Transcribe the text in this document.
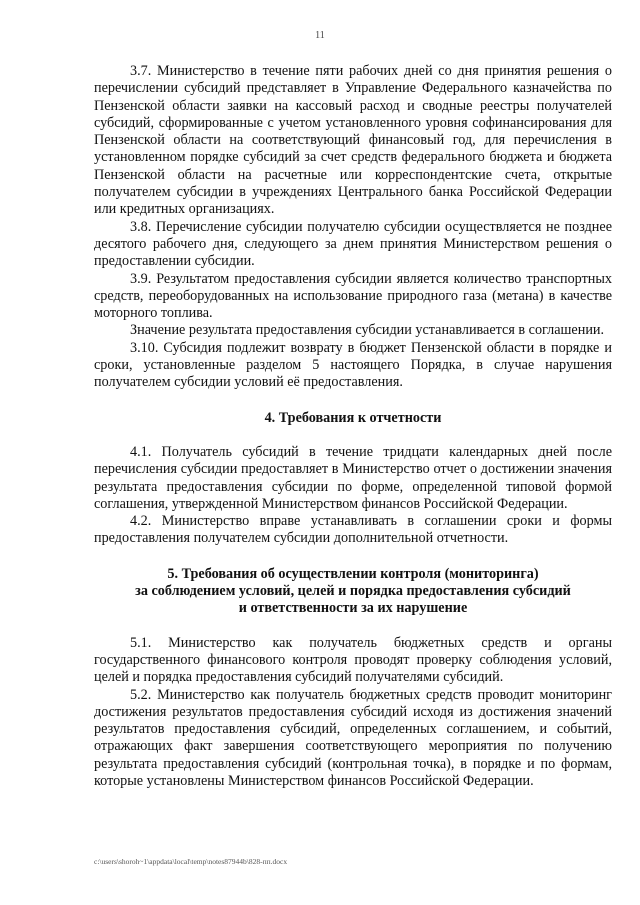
11

3.7. Министерство в течение пяти рабочих дней со дня принятия решения о перечислении субсидий представляет в Управление Федерального казначейства по Пензенской области заявки на кассовый расход и сводные реестры получателей субсидий, сформированные с учетом установленного уровня софинансирования для Пензенской области на соответствующий финансовый год, для перечисления в установленном порядке субсидий за счет средств федерального бюджета и бюджета Пензенской области на расчетные или корреспондентские счета, открытые получателем субсидии в учреждениях Центрального банка Российской Федерации или кредитных организациях.

3.8. Перечисление субсидии получателю субсидии осуществляется не позднее десятого рабочего дня, следующего за днем принятия Министерством решения о предоставлении субсидии.

3.9. Результатом предоставления субсидии является количество транспортных средств, переоборудованных на использование природного газа (метана) в качестве моторного топлива.

Значение результата предоставления субсидии устанавливается в соглашении.

3.10. Субсидия подлежит возврату в бюджет Пензенской области в порядке и сроки, установленные разделом 5 настоящего Порядка, в случае нарушения получателем субсидии условий её предоставления.

4. Требования к отчетности

4.1. Получатель субсидий в течение тридцати календарных дней после перечисления субсидии предоставляет в Министерство отчет о достижении значения результата предоставления субсидии по форме, определенной типовой формой соглашения, утвержденной Министерством финансов Российской Федерации.

4.2. Министерство вправе устанавливать в соглашении сроки и формы предоставления получателем субсидии дополнительной отчетности.

5. Требования об осуществлении контроля (мониторинга)

за соблюдением условий, целей и порядка предоставления субсидий

и ответственности за их нарушение

5.1. Министерство как получатель бюджетных средств и органы государственного финансового контроля проводят проверку соблюдения условий, целей и порядка предоставления субсидий получателями субсидий.

5.2. Министерство как получатель бюджетных средств проводит мониторинг достижения результатов предоставления субсидий исходя из достижения значений результатов предоставления субсидий, определенных соглашением, и событий, отражающих факт завершения соответствующего мероприятия по получению результата предоставления субсидий (контрольная точка), в порядке и по формам, которые установлены Министерством финансов Российской Федерации.

c:\users\shoroh~1\appdata\local\temp\notes87944b\828-пп.docx
